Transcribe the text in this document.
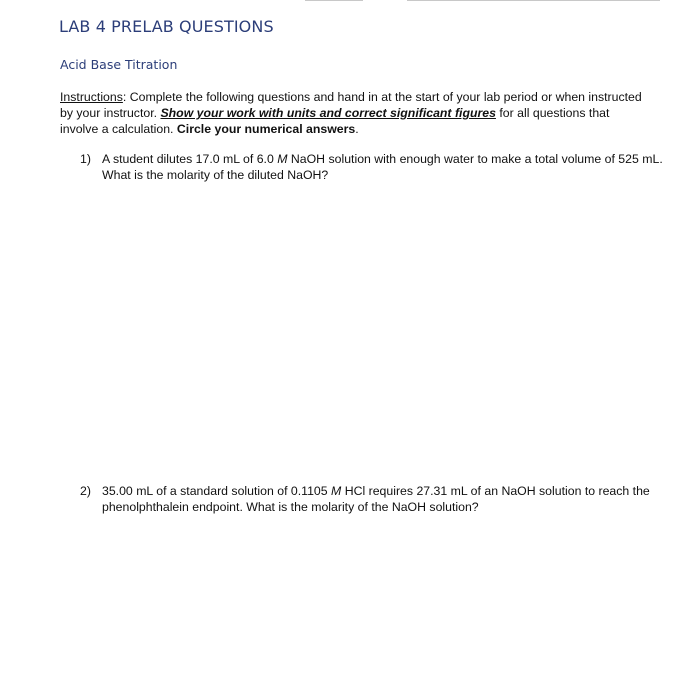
LAB 4 PRELAB QUESTIONS
Acid Base Titration
Instructions: Complete the following questions and hand in at the start of your lab period or when instructed by your instructor. Show your work with units and correct significant figures for all questions that involve a calculation. Circle your numerical answers.
1) A student dilutes 17.0 mL of 6.0 M NaOH solution with enough water to make a total volume of 525 mL. What is the molarity of the diluted NaOH?
2) 35.00 mL of a standard solution of 0.1105 M HCl requires 27.31 mL of an NaOH solution to reach the phenolphthalein endpoint. What is the molarity of the NaOH solution?
